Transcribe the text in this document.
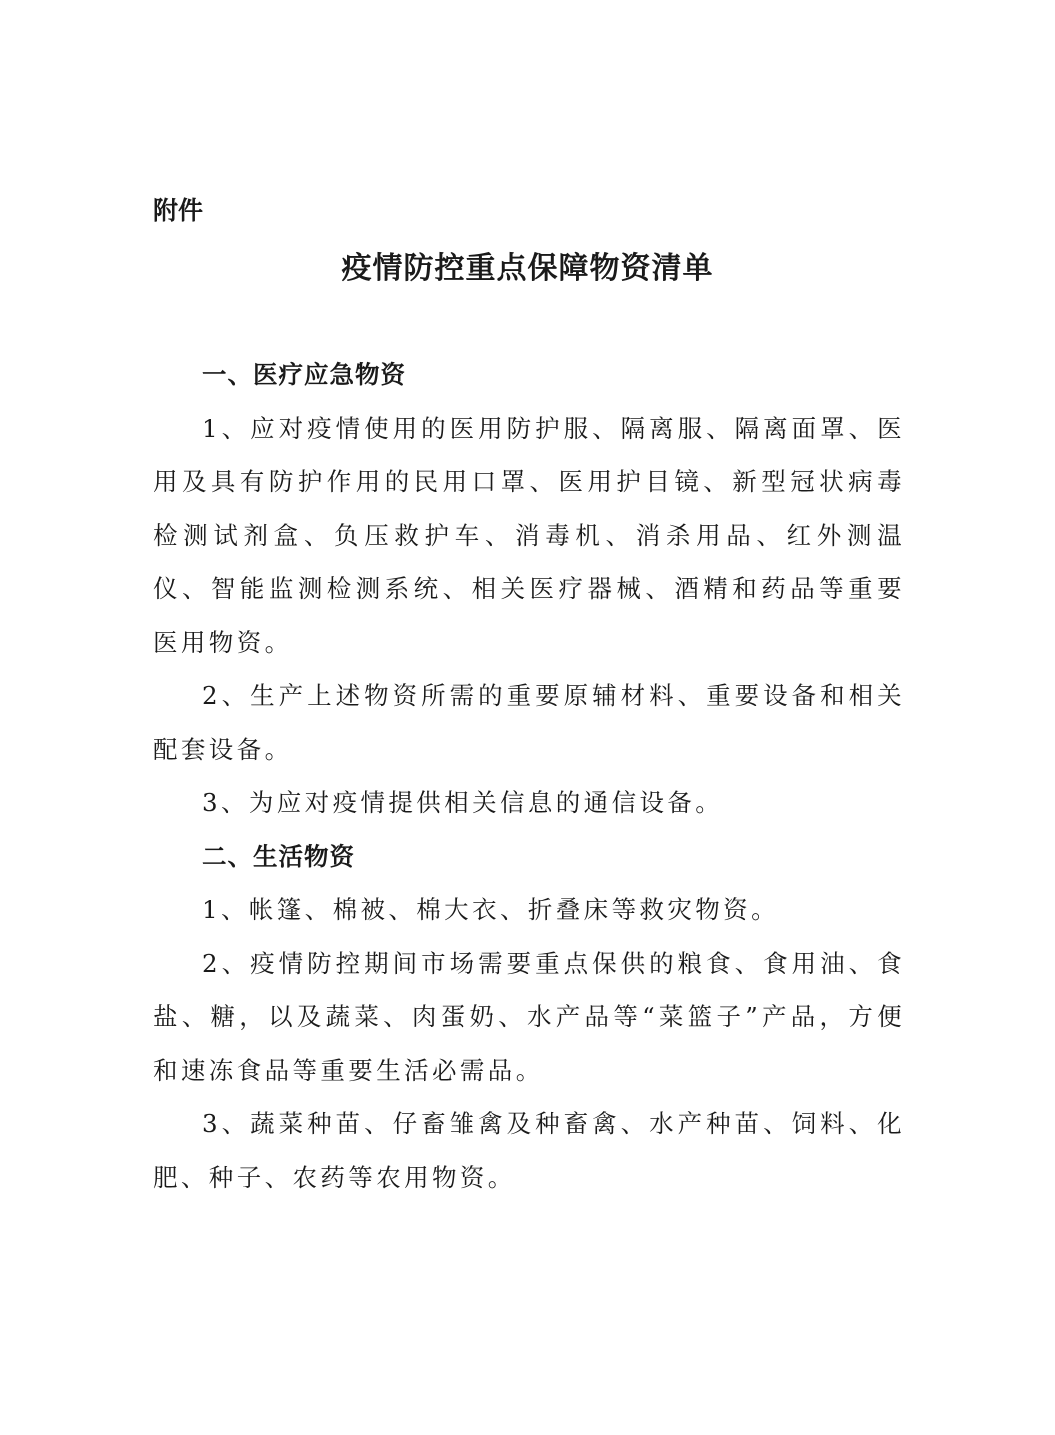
附件
疫情防控重点保障物资清单
一、医疗应急物资

1、应对疫情使用的医用防护服、隔离服、隔离面罩、医用及具有防护作用的民用口罩、医用护目镜、新型冠状病毒检测试剂盒、负压救护车、消毒机、消杀用品、红外测温仪、智能监测检测系统、相关医疗器械、酒精和药品等重要医用物资。

2、生产上述物资所需的重要原辅材料、重要设备和相关配套设备。

3、为应对疫情提供相关信息的通信设备。

二、生活物资

1、帐篷、棉被、棉大衣、折叠床等救灾物资。

2、疫情防控期间市场需要重点保供的粮食、食用油、食盐、糖，以及蔬菜、肉蛋奶、水产品等“菜篮子”产品，方便和速冻食品等重要生活必需品。

3、蔬菜种苗、仔畜雏禽及种畜禽、水产种苗、饲料、化肥、种子、农药等农用物资。
